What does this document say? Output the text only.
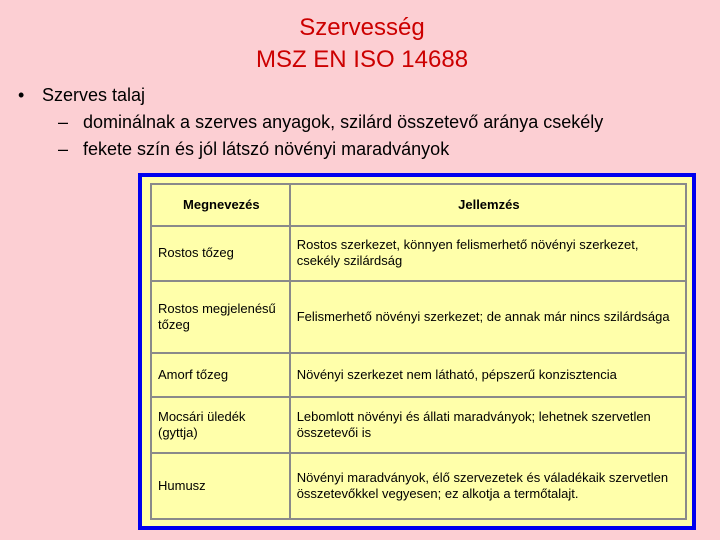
Szervesség
MSZ EN ISO 14688
• Szerves talaj
– dominálnak a szerves anyagok, szilárd összetevő aránya csekély
– fekete szín és jól látszó növényi maradványok
Megnevezés	Jellemzés
Rostos tőzeg	Rostos szerkezet, könnyen felismerhető növényi szerkezet, csekély szilárdság
Rostos megjelenésű tőzeg	Felismerhető növényi szerkezet; de annak már nincs szilárdsága
Amorf tőzeg	Növényi szerkezet nem látható, pépszerű konzisztencia
Mocsári üledék (gyttja)	Lebomlott növényi és állati maradványok; lehetnek szervetlen összetevői is
Humusz	Növényi maradványok, élő szervezetek és váladékaik szervetlen összetevőkkel vegyesen; ez alkotja a termőtalajt.
